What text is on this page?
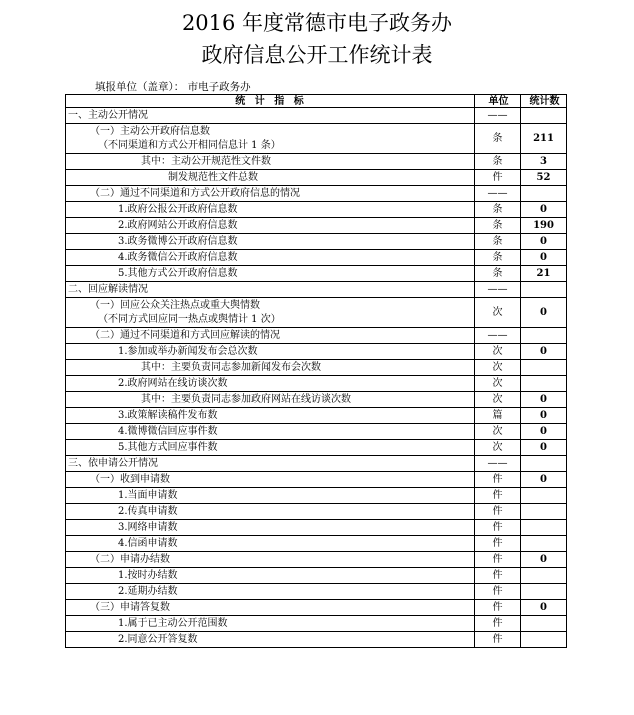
2016 年度常德市电子政务办
政府信息公开工作统计表
填报单位（盖章）： 市电子政务办
统 计 指 标	单位	统计数
一、主动公开情况	——	

（一）主动公开政府信息数
（不同渠道和方式公开相同信息计 1 条）	条	211
其中：主动公开规范性文件数	条	3
制发规范性文件总数	件	52
（二）通过不同渠道和方式公开政府信息的情况	——	
1.政府公报公开政府信息数	条	0
2.政府网站公开政府信息数	条	190
3.政务微博公开政府信息数	条	0
4.政务微信公开政府信息数	条	0
5.其他方式公开政府信息数	条	21
二、回应解读情况	——	

（一）回应公众关注热点或重大舆情数
（不同方式回应同一热点或舆情计 1 次）	次	0
（二）通过不同渠道和方式回应解读的情况	——	
1.参加或举办新闻发布会总次数	次	0
其中：主要负责同志参加新闻发布会次数	次	
2.政府网站在线访谈次数	次	
其中：主要负责同志参加政府网站在线访谈次数	次	0
3.政策解读稿件发布数	篇	0
4.微博微信回应事件数	次	0
5.其他方式回应事件数	次	0
三、依申请公开情况	——	
（一）收到申请数	件	0
1.当面申请数	件	
2.传真申请数	件	
3.网络申请数	件	
4.信函申请数	件	
（二）申请办结数	件	0
1.按时办结数	件	
2.延期办结数	件	
（三）申请答复数	件	0
1.属于已主动公开范围数	件	
2.同意公开答复数	件	
